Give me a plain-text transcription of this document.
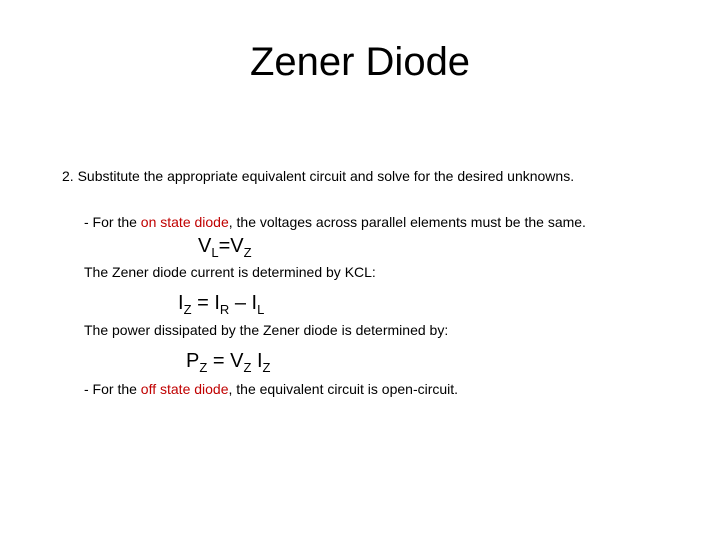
Zener Diode
2. Substitute the appropriate equivalent circuit and solve for the desired unknowns.
- For the on state diode, the voltages across parallel elements must be the same.
$V_L=V_Z$
The Zener diode current is determined by KCL:
$I_Z = I_R - I_L$
The power dissipated by the Zener diode is determined by:
$P_Z = V_Z$ $I_Z$
- For the off state diode, the equivalent circuit is open-circuit.
